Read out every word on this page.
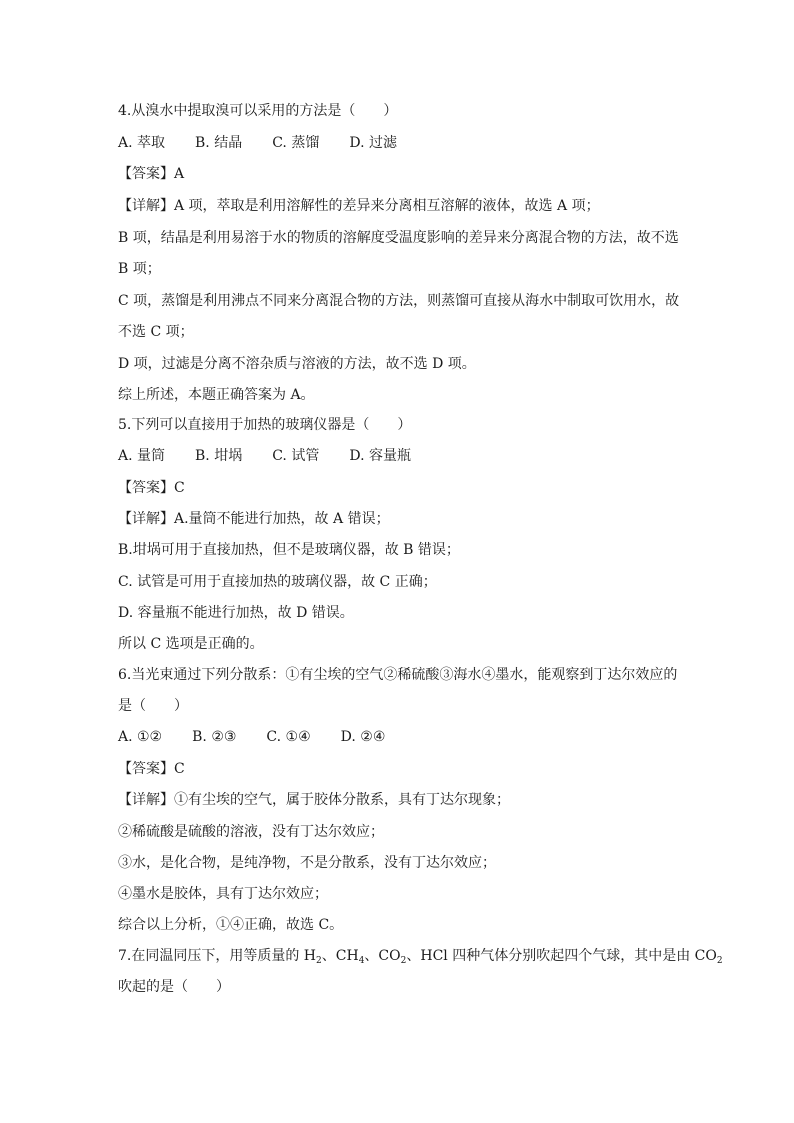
4.从溴水中提取溴可以采用的方法是（　　）
A. 萃取 B. 结晶 C. 蒸馏 D. 过滤
【答案】A
【详解】A 项，萃取是利用溶解性的差异来分离相互溶解的液体，故选 A 项；
B 项，结晶是利用易溶于水的物质的溶解度受温度影响的差异来分离混合物的方法，故不选
B 项；
C 项，蒸馏是利用沸点不同来分离混合物的方法，则蒸馏可直接从海水中制取可饮用水，故
不选 C 项；
D 项，过滤是分离不溶杂质与溶液的方法，故不选 D 项。
综上所述，本题正确答案为 A。
5.下列可以直接用于加热的玻璃仪器是（　　）
A. 量筒 B. 坩埚 C. 试管 D. 容量瓶
【答案】C
【详解】A.量筒不能进行加热，故 A 错误；
B.坩埚可用于直接加热，但不是玻璃仪器，故 B 错误；
C. 试管是可用于直接加热的玻璃仪器，故 C 正确；
D. 容量瓶不能进行加热，故 D 错误。
所以 C 选项是正确的。
6.当光束通过下列分散系：①有尘埃的空气②稀硫酸③海水④墨水，能观察到丁达尔效应的
是（　　）
A. ①② B. ②③ C. ①④ D. ②④
【答案】C
【详解】①有尘埃的空气，属于胶体分散系，具有丁达尔现象；
②稀硫酸是硫酸的溶液，没有丁达尔效应；
③水，是化合物，是纯净物，不是分散系，没有丁达尔效应；
④墨水是胶体，具有丁达尔效应；
综合以上分析，①④正确，故选 C。
7.在同温同压下，用等质量的 $H_2$、$CH_4$、$CO_2$、HCl 四种气体分别吹起四个气球，其中是由 $CO_2$
吹起的是（　　）
